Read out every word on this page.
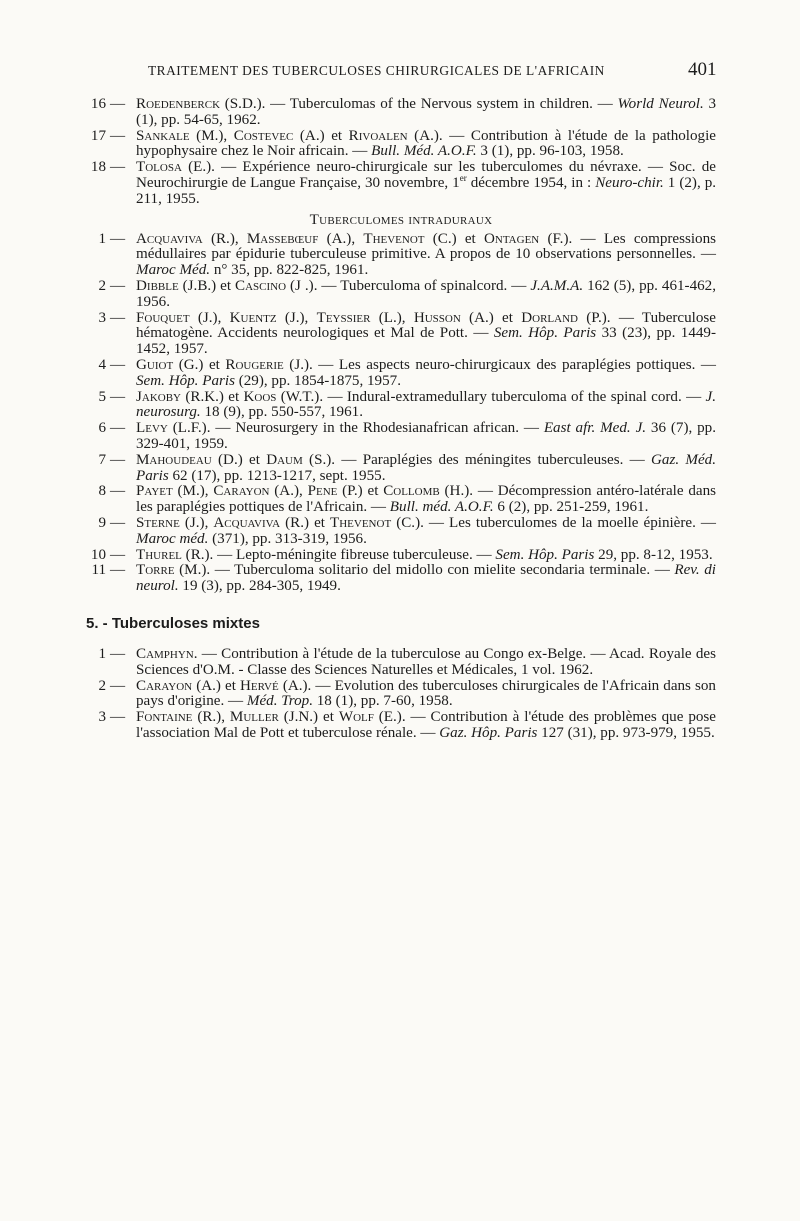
TRAITEMENT DES TUBERCULOSES CHIRURGICALES DE L'AFRICAIN	401
16 — Roedenberck (S.D.). — Tuberculomas of the Nervous system in children. — World Neurol. 3 (1), pp. 54-65, 1962.
17 — Sankale (M.), Costevec (A.) et Rivoalen (A.). — Contribution à l'étude de la pathologie hypophysaire chez le Noir africain. — Bull. Méd. A.O.F. 3 (1), pp. 96-103, 1958.
18 — Tolosa (E.). — Expérience neuro-chirurgicale sur les tuberculomes du névraxe. — Soc. de Neurochirurgie de Langue Française, 30 novembre, 1er décembre 1954, in : Neuro-chir. 1 (2), p. 211, 1955.
Tuberculomes intraduraux
1 — Acquaviva (R.), Massebœuf (A.), Thevenot (C.) et Ontagen (F.). — Les compressions médullaires par épidurie tuberculeuse primitive. A propos de 10 observations personnelles. — Maroc Méd. n° 35, pp. 822-825, 1961.
2 — Dibble (J.B.) et Cascino (J .). — Tuberculoma of spinalcord. — J.A.M.A. 162 (5), pp. 461-462, 1956.
3 — Fouquet (J.), Kuentz (J.), Teyssier (L.), Husson (A.) et Dorland (P.). — Tuberculose hématogène. Accidents neurologiques et Mal de Pott. — Sem. Hôp. Paris 33 (23), pp. 1449-1452, 1957.
4 — Guiot (G.) et Rougerie (J.). — Les aspects neuro-chirurgicaux des paraplégies pottiques. — Sem. Hôp. Paris (29), pp. 1854-1875, 1957.
5 — Jakoby (R.K.) et Koos (W.T.). — Indural-extramedullary tuberculoma of the spinal cord. — J. neurosurg. 18 (9), pp. 550-557, 1961.
6 — Levy (L.F.). — Neurosurgery in the Rhodesianafrican african. — East afr. Med. J. 36 (7), pp. 329-401, 1959.
7 — Mahoudeau (D.) et Daum (S.). — Paraplégies des méningites tuberculeuses. — Gaz. Méd. Paris 62 (17), pp. 1213-1217, sept. 1955.
8 — Payet (M.), Carayon (A.), Pene (P.) et Collomb (H.). — Décompression antéro-latérale dans les paraplégies pottiques de l'Africain. — Bull. méd. A.O.F. 6 (2), pp. 251-259, 1961.
9 — Sterne (J.), Acquaviva (R.) et Thevenot (C.). — Les tuberculomes de la moelle épinière. — Maroc méd. (371), pp. 313-319, 1956.
10 — Thurel (R.). — Lepto-méningite fibreuse tuberculeuse. — Sem. Hôp. Paris 29, pp. 8-12, 1953.
11 — Torre (M.). — Tuberculoma solitario del midollo con mielite secondaria terminale. — Rev. di neurol. 19 (3), pp. 284-305, 1949.
5. - Tuberculoses mixtes
1 — Camphyn. — Contribution à l'étude de la tuberculose au Congo ex-Belge. — Acad. Royale des Sciences d'O.M. - Classe des Sciences Naturelles et Médicales, 1 vol. 1962.
2 — Carayon (A.) et Hervé (A.). — Evolution des tuberculoses chirurgicales de l'Africain dans son pays d'origine. — Méd. Trop. 18 (1), pp. 7-60, 1958.
3 — Fontaine (R.), Muller (J.N.) et Wolf (E.). — Contribution à l'étude des problèmes que pose l'association Mal de Pott et tuberculose rénale. — Gaz. Hôp. Paris 127 (31), pp. 973-979, 1955.
